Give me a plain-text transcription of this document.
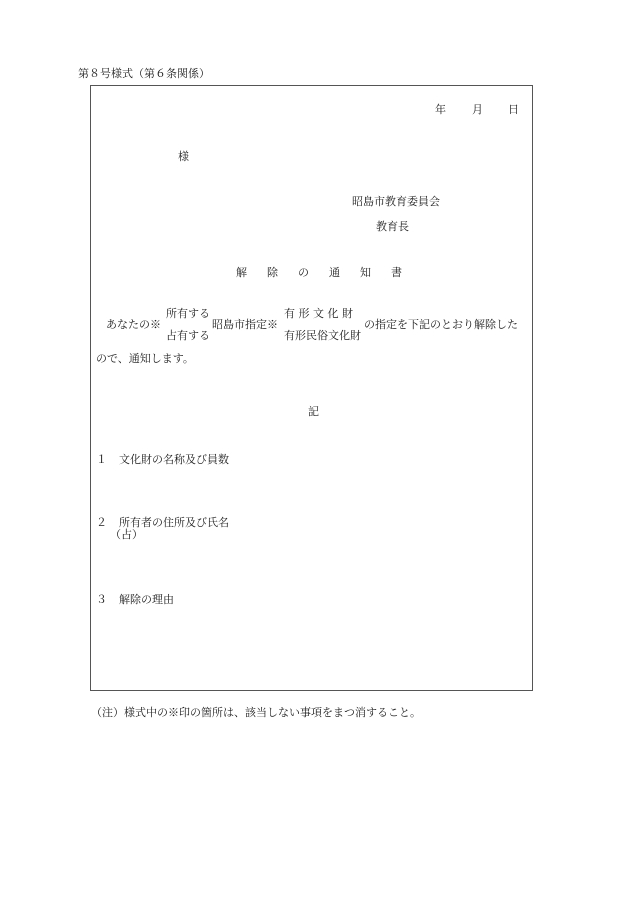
第８号様式（第６条関係）
年 月 日
様
昭島市教育委員会
教育長
解 除 の 通 知 書
あなたの※
所有する
占有する
昭島市指定※
有 形 文 化 財
有形民俗文化財
の指定を下記のとおり解除した
ので、通知します。
記
１ 文化財の名称及び員数
２ 所有者の住所及び氏名
（占）
３ 解除の理由
（注）様式中の※印の箇所は、該当しない事項をまつ消すること。
